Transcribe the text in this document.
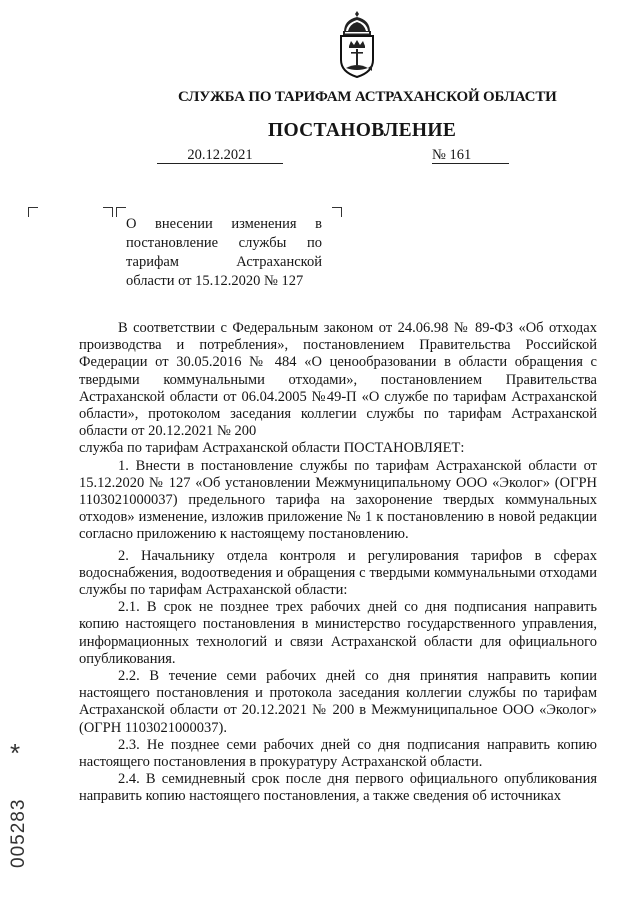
СЛУЖБА ПО ТАРИФАМ АСТРАХАНСКОЙ ОБЛАСТИ
ПОСТАНОВЛЕНИЕ
20.12.2021	№ 161
О внесении изменения в
постановление службы по
тарифам Астраханской
области от 15.12.2020 № 127

В соответствии с Федеральным законом от 24.06.98 № 89-ФЗ «Об отходах производства и потребления», постановлением Правительства Российской Федерации от 30.05.2016 № 484 «О ценообразовании в области обращения с твердыми коммунальными отходами», постановлением Правительства Астраханской области от 06.04.2005 №49-П «О службе по тарифам Астраханской области», протоколом заседания коллегии службы по тарифам Астраханской области от 20.12.2021 № 200

служба по тарифам Астраханской области ПОСТАНОВЛЯЕТ:

1. Внести в постановление службы по тарифам Астраханской области от 15.12.2020 № 127 «Об установлении Межмуниципальному ООО «Эколог» (ОГРН 1103021000037) предельного тарифа на захоронение твердых коммунальных отходов» изменение, изложив приложение № 1 к постановлению в новой редакции согласно приложению к настоящему постановлению.

2. Начальнику отдела контроля и регулирования тарифов в сферах водоснабжения, водоотведения и обращения с твердыми коммунальными отходами службы по тарифам Астраханской области:

2.1. В срок не позднее трех рабочих дней со дня подписания направить копию настоящего постановления в министерство государственного управления, информационных технологий и связи Астраханской области для официального опубликования.

2.2. В течение семи рабочих дней со дня принятия направить копии настоящего постановления и протокола заседания коллегии службы по тарифам Астраханской области от 20.12.2021 № 200 в Межмуниципальное ООО «Эколог» (ОГРН 1103021000037).

2.3. Не позднее семи рабочих дней со дня подписания направить копию настоящего постановления в прокуратуру Астраханской области.

2.4. В семидневный срок после дня первого официального опубликования направить копию настоящего постановления, а также сведения об источниках

*
005283
